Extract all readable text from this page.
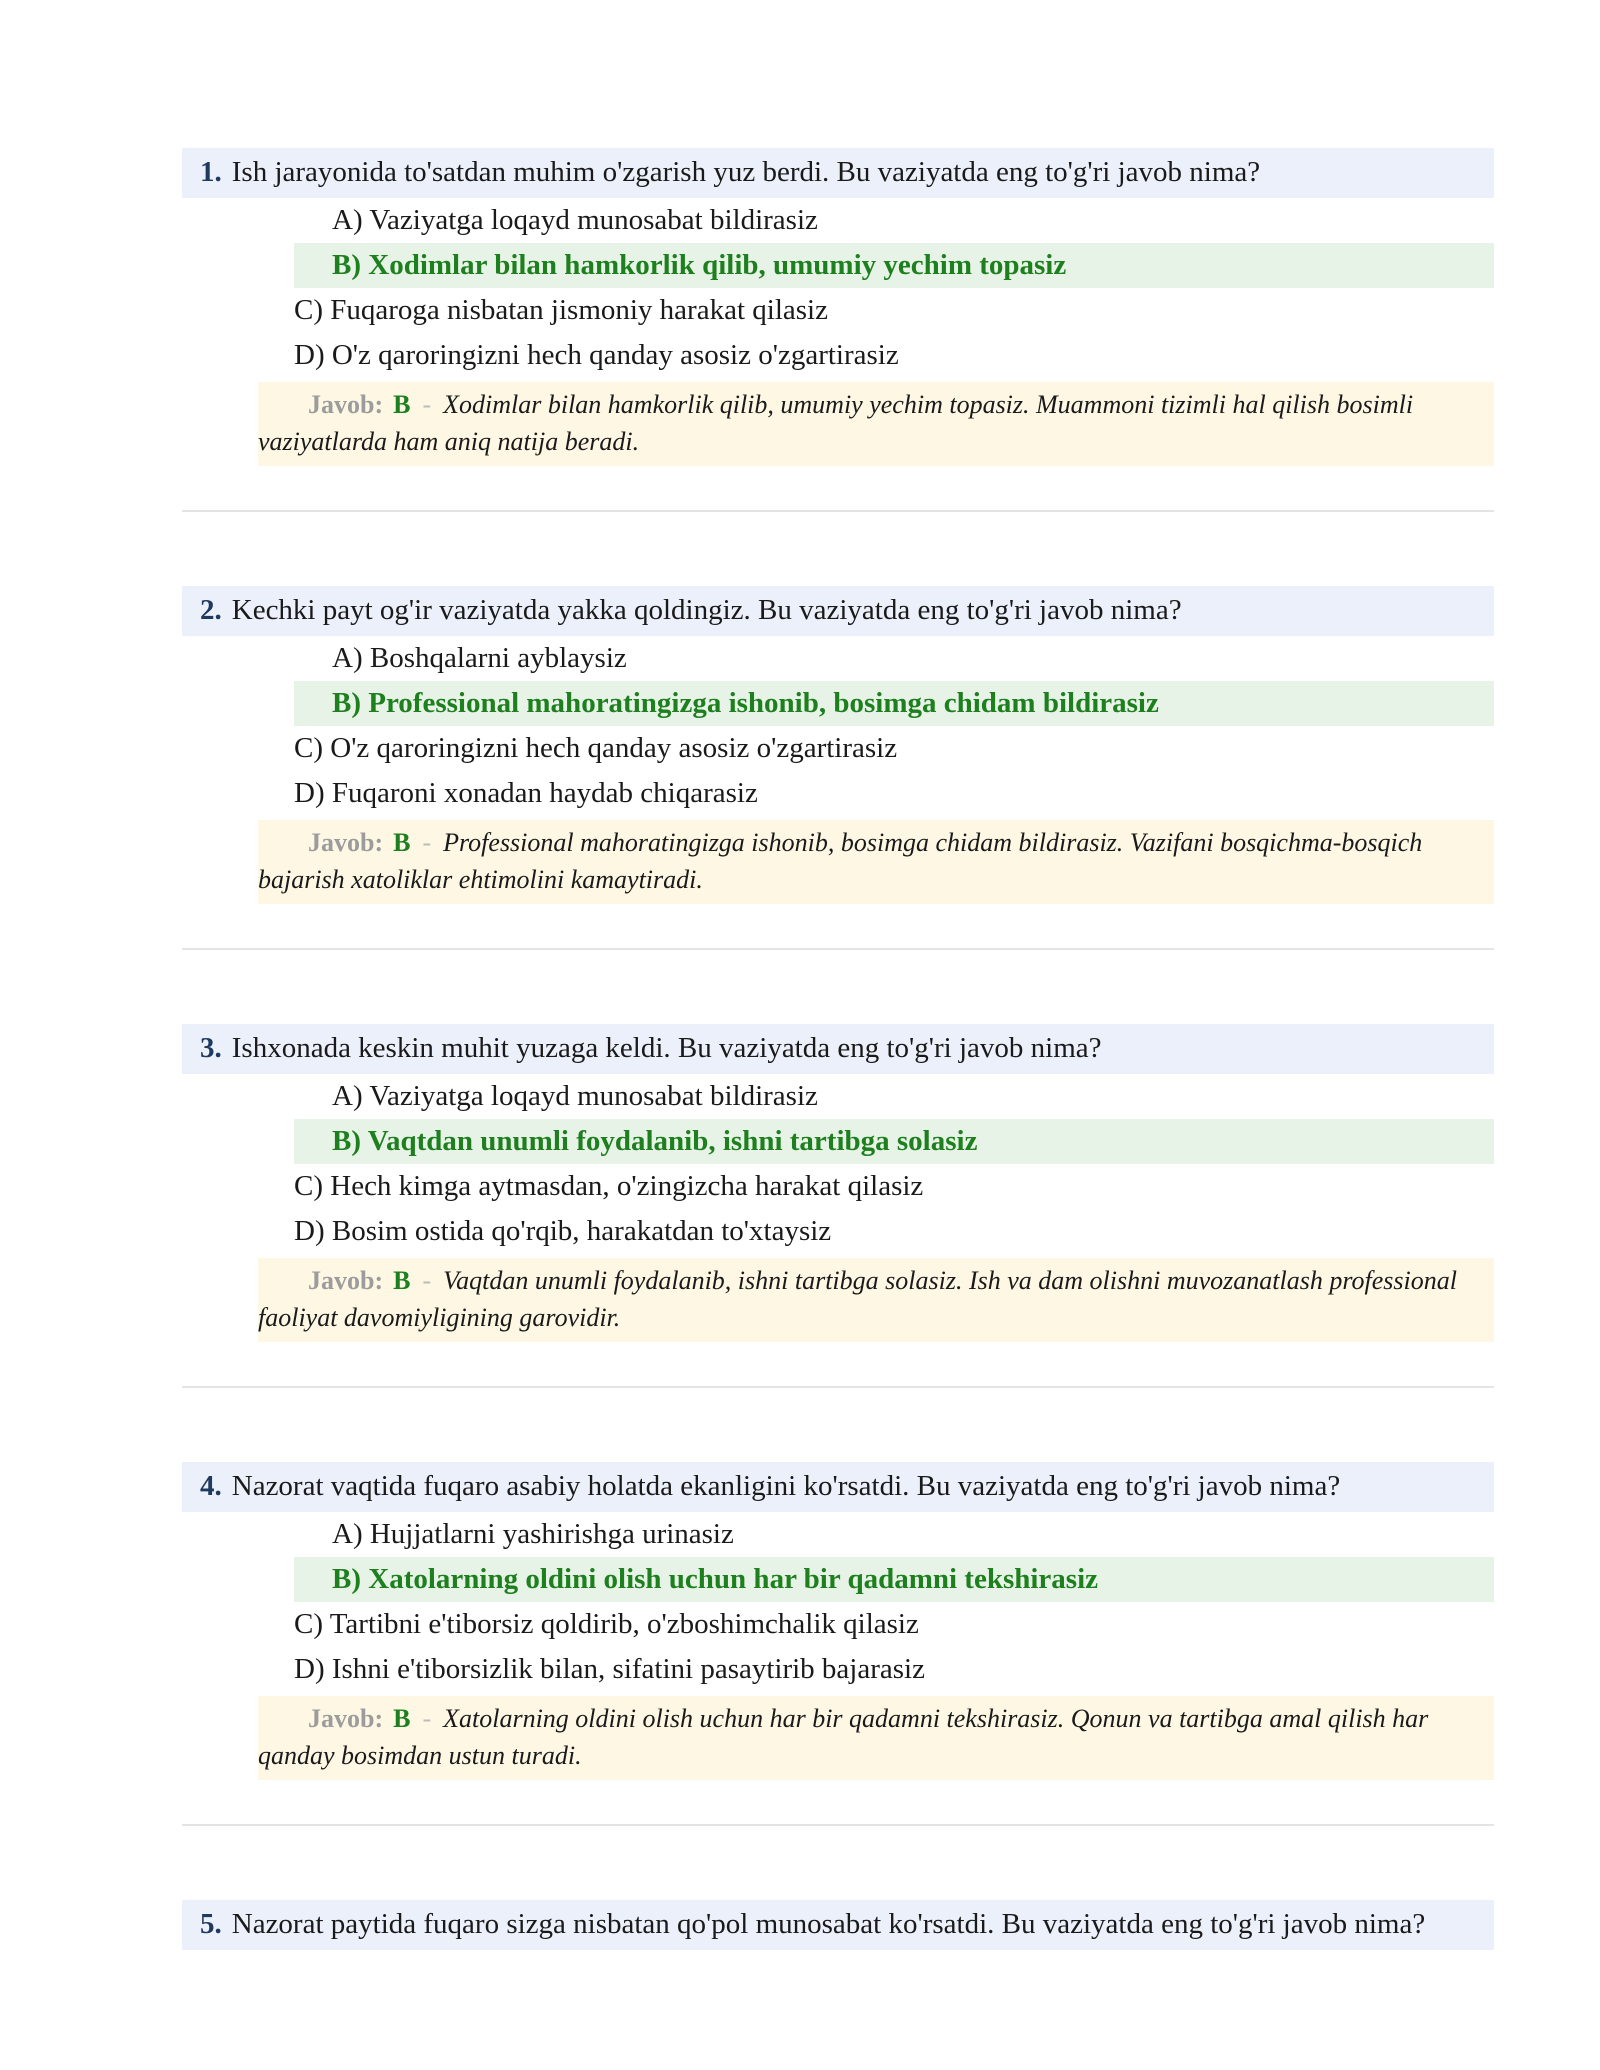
1. Ish jarayonida to'satdan muhim o'zgarish yuz berdi. Bu vaziyatda eng to'g'ri javob nima?
A) Vaziyatga loqayd munosabat bildirasiz
B) Xodimlar bilan hamkorlik qilib, umumiy yechim topasiz
C) Fuqaroga nisbatan jismoniy harakat qilasiz
D) O'z qaroringizni hech qanday asosiz o'zgartirasiz
Javob: B - Xodimlar bilan hamkorlik qilib, umumiy yechim topasiz. Muammoni tizimli hal qilish bosimli vaziyatlarda ham aniq natija beradi.
2. Kechki payt og'ir vaziyatda yakka qoldingiz. Bu vaziyatda eng to'g'ri javob nima?
A) Boshqalarni ayblaysiz
B) Professional mahoratingizga ishonib, bosimga chidam bildirasiz
C) O'z qaroringizni hech qanday asosiz o'zgartirasiz
D) Fuqaroni xonadan haydab chiqarasiz
Javob: B - Professional mahoratingizga ishonib, bosimga chidam bildirasiz. Vazifani bosqichma-bosqich bajarish xatoliklar ehtimolini kamaytiradi.
3. Ishxonada keskin muhit yuzaga keldi. Bu vaziyatda eng to'g'ri javob nima?
A) Vaziyatga loqayd munosabat bildirasiz
B) Vaqtdan unumli foydalanib, ishni tartibga solasiz
C) Hech kimga aytmasdan, o'zingizcha harakat qilasiz
D) Bosim ostida qo'rqib, harakatdan to'xtaysiz
Javob: B - Vaqtdan unumli foydalanib, ishni tartibga solasiz. Ish va dam olishni muvozanatlash professional faoliyat davomiyligining garovidir.
4. Nazorat vaqtida fuqaro asabiy holatda ekanligini ko'rsatdi. Bu vaziyatda eng to'g'ri javob nima?
A) Hujjatlarni yashirishga urinasiz
B) Xatolarning oldini olish uchun har bir qadamni tekshirasiz
C) Tartibni e'tiborsiz qoldirib, o'zboshimchalik qilasiz
D) Ishni e'tiborsizlik bilan, sifatini pasaytirib bajarasiz
Javob: B - Xatolarning oldini olish uchun har bir qadamni tekshirasiz. Qonun va tartibga amal qilish har qanday bosimdan ustun turadi.
5. Nazorat paytida fuqaro sizga nisbatan qo'pol munosabat ko'rsatdi. Bu vaziyatda eng to'g'ri javob nima?
